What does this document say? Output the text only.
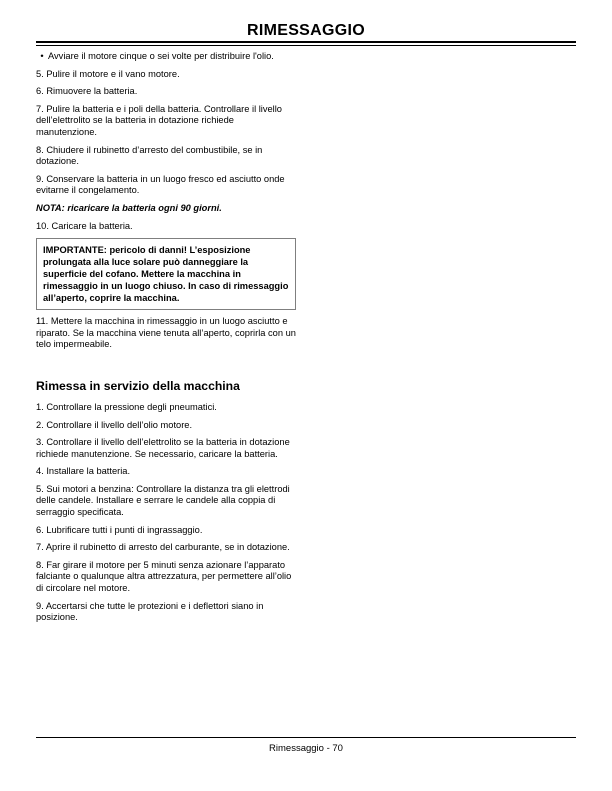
RIMESSAGGIO

• Avviare il motore cinque o sei volte per distribuire l'olio.

5. Pulire il motore e il vano motore.

6. Rimuovere la batteria.

7. Pulire la batteria e i poli della batteria. Controllare il livello dell’elettrolito se la batteria in dotazione richiede manutenzione.

8. Chiudere il rubinetto d’arresto del combustibile, se in dotazione.

9. Conservare la batteria in un luogo fresco ed asciutto onde evitarne il congelamento.

NOTA: ricaricare la batteria ogni 90 giorni.

10. Caricare la batteria.

IMPORTANTE: pericolo di danni! L’esposizione prolungata alla luce solare può danneggiare la superficie del cofano. Mettere la macchina in rimessaggio in un luogo chiuso. In caso di rimessaggio all’aperto, coprire la macchina.

11. Mettere la macchina in rimessaggio in un luogo asciutto e riparato. Se la macchina viene tenuta all’aperto, coprirla con un telo impermeabile.

Rimessa in servizio della macchina

1. Controllare la pressione degli pneumatici.

2. Controllare il livello dell’olio motore.

3. Controllare il livello dell’elettrolito se la batteria in dotazione richiede manutenzione. Se necessario, caricare la batteria.

4. Installare la batteria.

5. Sui motori a benzina: Controllare la distanza tra gli elettrodi delle candele. Installare e serrare le candele alla coppia di serraggio specificata.

6. Lubrificare tutti i punti di ingrassaggio.

7. Aprire il rubinetto di arresto del carburante, se in dotazione.

8. Far girare il motore per 5 minuti senza azionare l’apparato falciante o qualunque altra attrezzatura, per permettere all’olio di circolare nel motore.

9. Accertarsi che tutte le protezioni e i deflettori siano in posizione.

Rimessaggio - 70
